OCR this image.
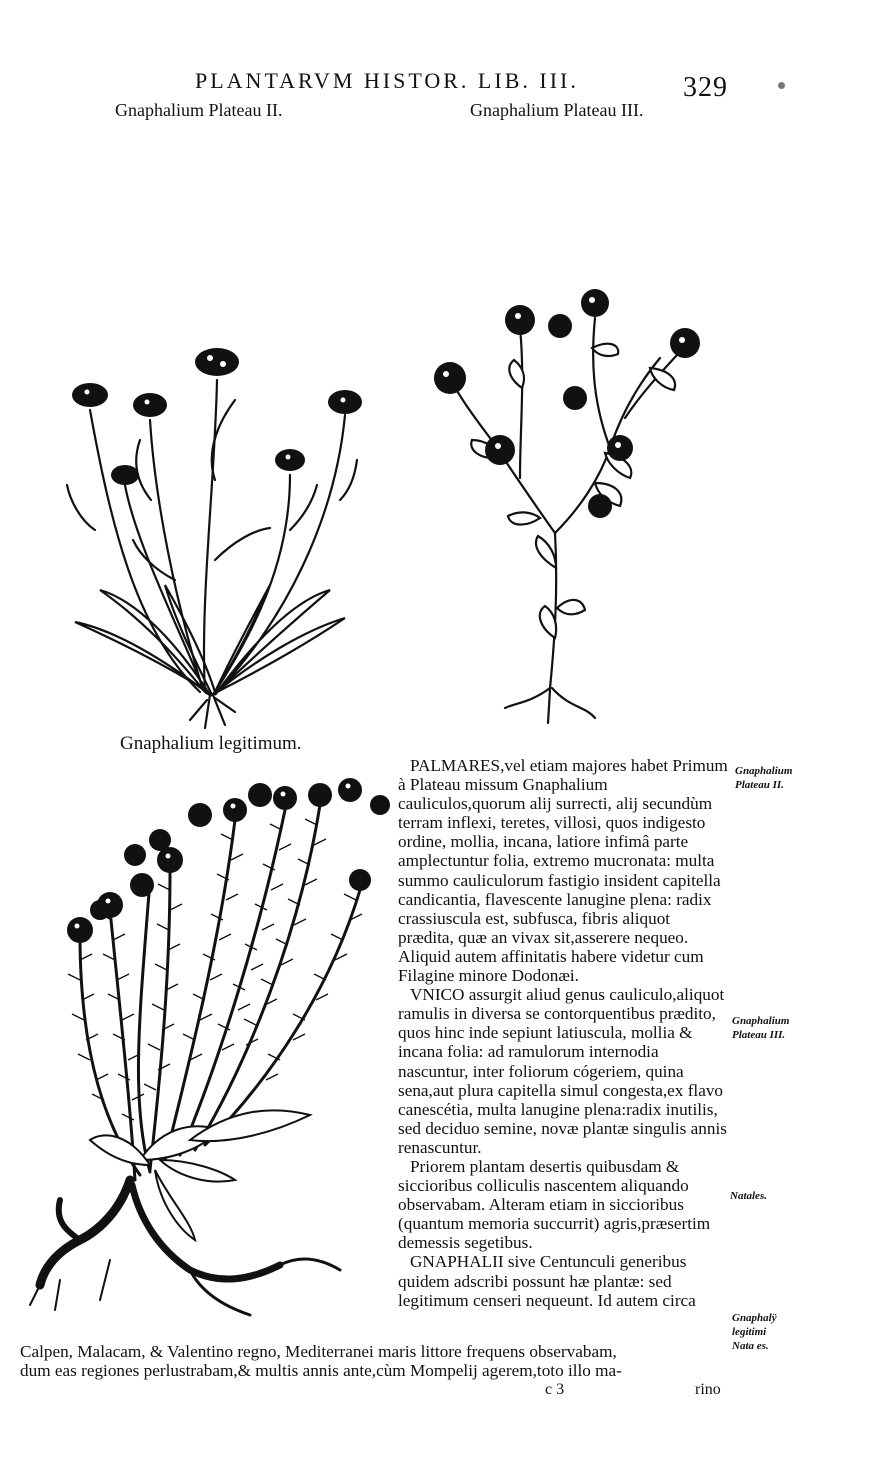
PLANTARVM HISTOR. LIB. III.	329
Gnaphalium Plateau II.	Gnaphalium Plateau III.
Gnaphalium legitimum.

PALMARES,vel etiam majores habet Primum à Plateau missum Gnaphalium cauliculos,quorum alij surrecti, alij secundùm terram inflexi, teretes, villosi, quos indigesto ordine, mollia, incana, latiore infimâ parte amplectuntur folia, extremo mucronata: multa summo cauliculorum fastigio insident capitella candicantia, flavescente lanugine plena: radix crassiuscula est, subfusca, fibris aliquot prædita, quæ an vivax sit,asserere nequeo. Aliquid autem affinitatis habere videtur cum Filagine minore Dodonæi.

VNICO assurgit aliud genus cauliculo,aliquot ramulis in diversa se contorquentibus prædito, quos hinc inde sepiunt latiuscula, mollia & incana folia: ad ramulorum internodia nascuntur, inter foliorum cógeriem, quina sena,aut plura capitella simul congesta,ex flavo canescétia, multa lanugine plena:radix inutilis, sed deciduo semine, novæ plantæ singulis annis renascuntur.

Priorem plantam desertis quibusdam & siccioribus colliculis nascentem aliquando observabam. Alteram etiam in siccioribus (quantum memoria succurrit) agris,præsertim demessis segetibus.

GNAPHALII sive Centunculi generibus quidem adscribi possunt hæ plantæ: sed legitimum censeri nequeunt. Id autem circa

Gnaphalium
Plateau II.
Gnaphalium
Plateau III.
Natales.
Gnaphalÿ
legitimi
Nata es.
Calpen, Malacam, & Valentino regno, Mediterranei maris littore frequens observabam,
dum eas regiones perlustrabam,& multis annis ante,cùm Mompelij agerem,toto illo ma-
c 3	rino
